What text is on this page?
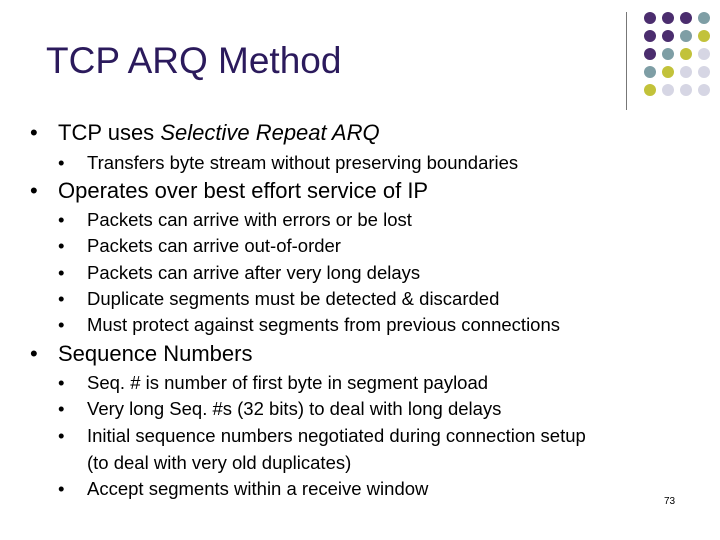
TCP ARQ Method
• TCP uses Selective Repeat ARQ
• Transfers byte stream without preserving boundaries
• Operates over best effort service of IP
• Packets can arrive with errors or be lost
• Packets can arrive out-of-order
• Packets can arrive after very long delays
• Duplicate segments must be detected & discarded
• Must protect against segments from previous connections
• Sequence Numbers
• Seq. # is number of first byte in segment payload
• Very long Seq. #s (32 bits) to deal with long delays
• Initial sequence numbers negotiated during connection setup
(to deal with very old duplicates)
• Accept segments within a receive window
73
